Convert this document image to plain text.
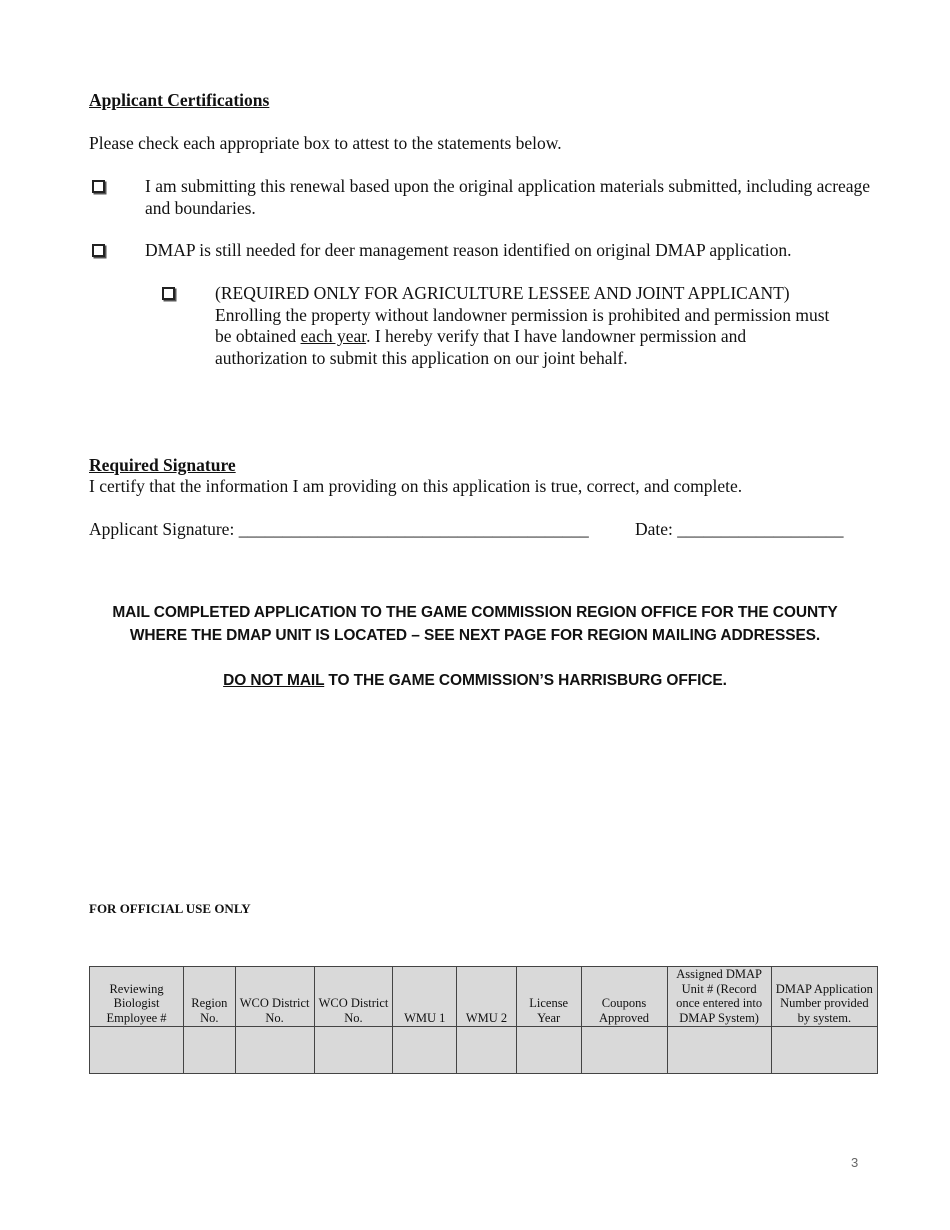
Applicant Certifications
Please check each appropriate box to attest to the statements below.
I am submitting this renewal based upon the original application materials submitted, including acreage and boundaries.
DMAP is still needed for deer management reason identified on original DMAP application.
(REQUIRED ONLY FOR AGRICULTURE LESSEE AND JOINT APPLICANT)
Enrolling the property without landowner permission is prohibited and permission must be obtained each year. I hereby verify that I have landowner permission and authorization to submit this application on our joint behalf.
Required Signature
I certify that the information I am providing on this application is true, correct, and complete.
Applicant Signature: ________________________________________	Date: ___________________
MAIL COMPLETED APPLICATION TO THE GAME COMMISSION REGION OFFICE FOR THE COUNTY
WHERE THE DMAP UNIT IS LOCATED – SEE NEXT PAGE FOR REGION MAILING ADDRESSES.
DO NOT MAIL TO THE GAME COMMISSION’S HARRISBURG OFFICE.
FOR OFFICIAL USE ONLY
Reviewing Biologist Employee #	Region No.	WCO District No.	WCO District No.	WMU 1	WMU 2	License Year	Coupons Approved	Assigned DMAP Unit # (Record once entered into DMAP System)	DMAP Application Number provided by system.

3
